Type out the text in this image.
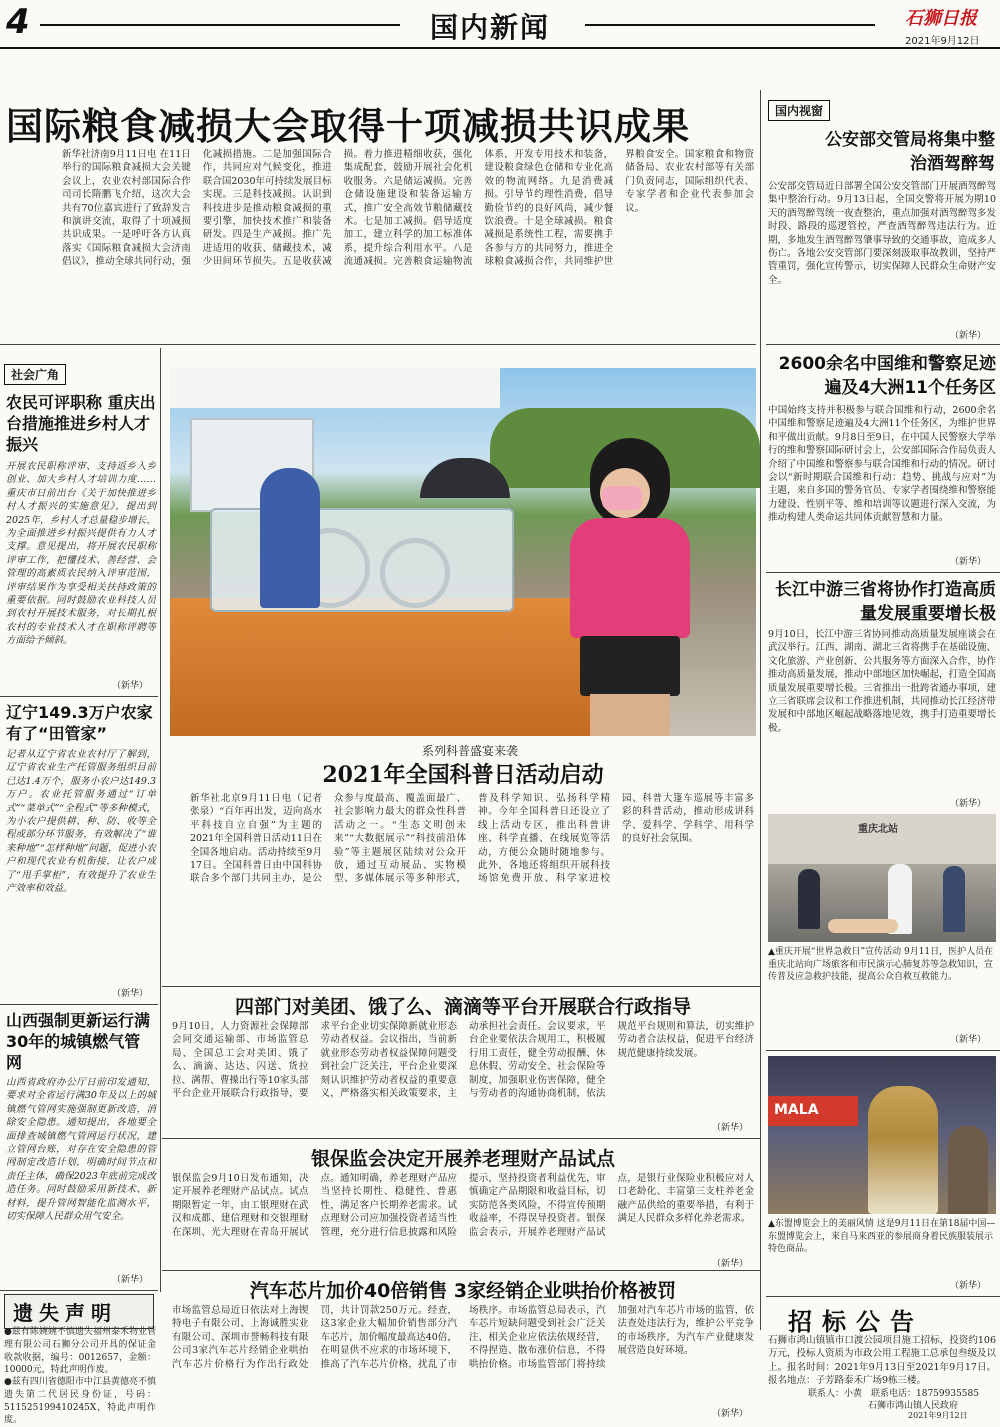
4	国内新闻	石狮日报
2021年9月12日
国际粮食减损大会取得十项减损共识成果
新华社济南9月11日电 在11日举行的国际粮食减损大会关键会议上，农业农村部国际合作司司长隋鹏飞介绍，这次大会共有70位嘉宾进行了致辞发言和演讲交流，取得了十项减损共识成果。一是呼吁各方认真落实《国际粮食减损大会济南倡议》，推动全球共同行动，强化减损措施。二是加强国际合作，共同应对气候变化，推进联合国2030年可持续发展目标实现。三是科技减损。认识到科技进步是推动粮食减损的重要引擎，加快技术推广和装备研发。四是生产减损。推广先进适用的收获、储藏技术，减少田间环节损失。五是收获减损。着力推进精细收获，强化集成配套，鼓励开展社会化机收服务。六是储运减损。完善仓储设施建设和装备运输方式，推广安全高效节粮储藏技术。七是加工减损。倡导适度加工，建立科学的加工标准体系，提升综合利用水平。八是流通减损。完善粮食运输物流体系，开发专用技术和装备，建设粮食绿色仓储和专业化高效的物流网络。九是消费减损。引导节约理性消费，倡导勤俭节约的良好风尚，减少餐饮浪费。十是全球减损。粮食减损是系统性工程，需要携手各参与方的共同努力，推进全球粮食减损合作，共同维护世界粮食安全。国家粮食和物资储备局、农业农村部等有关部门负责同志，国际组织代表、专家学者和企业代表参加会议。
国内视窗
公安部交管局将集中整治酒驾醉驾
公安部交管局近日部署全国公安交管部门开展酒驾醉驾集中整治行动。9月13日起，全国交警将开展为期10天的酒驾醉驾统一夜查整治，重点加强对酒驾醉驾多发时段、路段的巡逻管控，严查酒驾醉驾违法行为。近期，多地发生酒驾醉驾肇事导致的交通事故，造成多人伤亡。各地公安交管部门要深刻汲取事故教训，坚持严管重罚，强化宣传警示，切实保障人民群众生命财产安全。
（新华）
2600余名中国维和警察足迹遍及4大洲11个任务区
中国始终支持并积极参与联合国维和行动，2600余名中国维和警察足迹遍及4大洲11个任务区，为维护世界和平做出贡献。9月8日至9日，在中国人民警察大学举行的维和警察国际研讨会上，公安部国际合作局负责人介绍了中国维和警察参与联合国维和行动的情况。研讨会以“新时期联合国维和行动：趋势、挑战与应对”为主题，来自多国的警务官员、专家学者围绕维和警察能力建设、性别平等、维和培训等议题进行深入交流，为推动构建人类命运共同体贡献智慧和力量。
（新华）
长江中游三省将协作打造高质量发展重要增长极
9月10日，长江中游三省协同推动高质量发展座谈会在武汉举行。江西、湖南、湖北三省将携手在基础设施、文化旅游、产业创新、公共服务等方面深入合作，协作推动高质量发展，推动中部地区加快崛起，打造全国高质量发展重要增长极。三省推出一批跨省通办事项，建立三省联席会议和工作推进机制，共同推动长江经济带发展和中部地区崛起战略落地见效，携手打造重要增长极。
（新华）
重庆北站
▲重庆开展“世界急救日”宣传活动 9月11日，医护人员在重庆北站向广场旅客和市民演示心肺复苏等急救知识，宣传普及应急救护技能，提高公众自救互救能力。
（新华）
MALA
▲东盟博览会上的美丽风情 这是9月11日在第18届中国—东盟博览会上，来自马来西亚的参展商身着民族服装展示特色商品。
（新华）
招标公告
石狮市鸿山镇镇市口渡公园项目施工招标，投资约106万元，投标人资质为市政公用工程施工总承包叁级及以上。报名时间：2021年9月13日至2021年9月17日。报名地点：子芳路泰禾广场9栋三楼。
联系人：小黄　联系电话：18759935585
石狮市鸿山镇人民政府
2021年9月12日
社会广角
农民可评职称 重庆出台措施推进乡村人才振兴
开展农民职称评审、支持返乡入乡创业、加大乡村人才培训力度……重庆市日前出台《关于加快推进乡村人才振兴的实施意见》，提出到2025年，乡村人才总量稳步增长，为全面推进乡村振兴提供有力人才支撑。意见提出，将开展农民职称评审工作，把懂技术、善经营、会管理的高素质农民纳入评审范围，评审结果作为享受相关扶持政策的重要依据。同时鼓励农业科技人员到农村开展技术服务，对长期扎根农村的专业技术人才在职称评聘等方面给予倾斜。
（新华）
辽宁149.3万户农家有了“田管家”
记者从辽宁省农业农村厅了解到，辽宁省农业生产托管服务组织目前已达1.4万个，服务小农户达149.3万户。农业托管服务通过“订单式”“菜单式”“全程式”等多种模式，为小农户提供耕、种、防、收等全程或部分环节服务，有效解决了“谁来种地”“怎样种地”问题，促进小农户和现代农业有机衔接，让农户成了“甩手掌柜”，有效提升了农业生产效率和效益。
（新华）
山西强制更新运行满30年的城镇燃气管网
山西省政府办公厅日前印发通知，要求对全省运行满30年及以上的城镇燃气管网实施强制更新改造，消除安全隐患。通知提出，各地要全面排查城镇燃气管网运行状况，建立管网台账，对存在安全隐患的管网制定改造计划，明确时间节点和责任主体，确保2023年底前完成改造任务。同时鼓励采用新技术、新材料，提升管网智能化监测水平，切实保障人民群众用气安全。
（新华）
遗失声明
●兹有陈婉婉不慎遗失福州泰禾物业管理有限公司石狮分公司开具的保证金收款收据，编号：0012657，金额：10000元，特此声明作废。
●兹有四川省德阳市中江县黄德亮不慎遗失第二代居民身份证，号码：511525199410245X，特此声明作废。
系列科普盛宴来袭
2021年全国科普日活动启动
新华社北京9月11日电（记者张泉）“百年再出发，迈向高水平科技自立自强”为主题的2021年全国科普日活动11日在全国各地启动。活动持续至9月17日。全国科普日由中国科协联合多个部门共同主办，是公众参与度最高、覆盖面最广、社会影响力最大的群众性科普活动之一。“生态文明创未来”“大数据展示”“科技前沿体验”等主题展区陆续对公众开放，通过互动展品、实物模型、多媒体展示等多种形式，普及科学知识、弘扬科学精神。今年全国科普日还设立了线上活动专区，推出科普讲座、科学直播、在线展览等活动，方便公众随时随地参与。此外，各地还将组织开展科技场馆免费开放、科学家进校园、科普大篷车巡展等丰富多彩的科普活动，推动形成讲科学、爱科学、学科学、用科学的良好社会氛围。
四部门对美团、饿了么、滴滴等平台开展联合行政指导
9月10日，人力资源社会保障部会同交通运输部、市场监管总局、全国总工会对美团、饿了么、滴滴、达达、闪送、货拉拉、满帮、曹操出行等10家头部平台企业开展联合行政指导，要求平台企业切实保障新就业形态劳动者权益。会议指出，当前新就业形态劳动者权益保障问题受到社会广泛关注，平台企业要深刻认识维护劳动者权益的重要意义，严格落实相关政策要求，主动承担社会责任。会议要求，平台企业要依法合规用工，积极履行用工责任，健全劳动报酬、休息休假、劳动安全、社会保险等制度，加强职业伤害保障，健全与劳动者的沟通协商机制，依法规范平台规则和算法，切实维护劳动者合法权益，促进平台经济规范健康持续发展。
（新华）
银保监会决定开展养老理财产品试点
银保监会9月10日发布通知，决定开展养老理财产品试点。试点期限暂定一年，由工银理财在武汉和成都、建信理财和交银理财在深圳、光大理财在青岛开展试点。通知明确，养老理财产品应当坚持长期性、稳健性、普惠性，满足客户长期养老需求。试点理财公司应加强投资者适当性管理，充分进行信息披露和风险提示，坚持投资者利益优先，审慎确定产品期限和收益目标，切实防范各类风险，不得宣传预期收益率，不得误导投资者。银保监会表示，开展养老理财产品试点，是银行业保险业积极应对人口老龄化、丰富第三支柱养老金融产品供给的重要举措，有利于满足人民群众多样化养老需求。
（新华）
汽车芯片加价40倍销售 3家经销企业哄抬价格被罚
市场监管总局近日依法对上海锲特电子有限公司、上海诚胜实业有限公司、深圳市誉畅科技有限公司3家汽车芯片经销企业哄抬汽车芯片价格行为作出行政处罚，共计罚款250万元。经查，这3家企业大幅加价销售部分汽车芯片，加价幅度最高达40倍，在明显供不应求的市场环境下，推高了汽车芯片价格，扰乱了市场秩序。市场监管总局表示，汽车芯片短缺问题受到社会广泛关注，相关企业应依法依规经营，不得捏造、散布涨价信息，不得哄抬价格。市场监管部门将持续加强对汽车芯片市场的监管，依法查处违法行为，维护公平竞争的市场秩序，为汽车产业健康发展营造良好环境。
（新华）
